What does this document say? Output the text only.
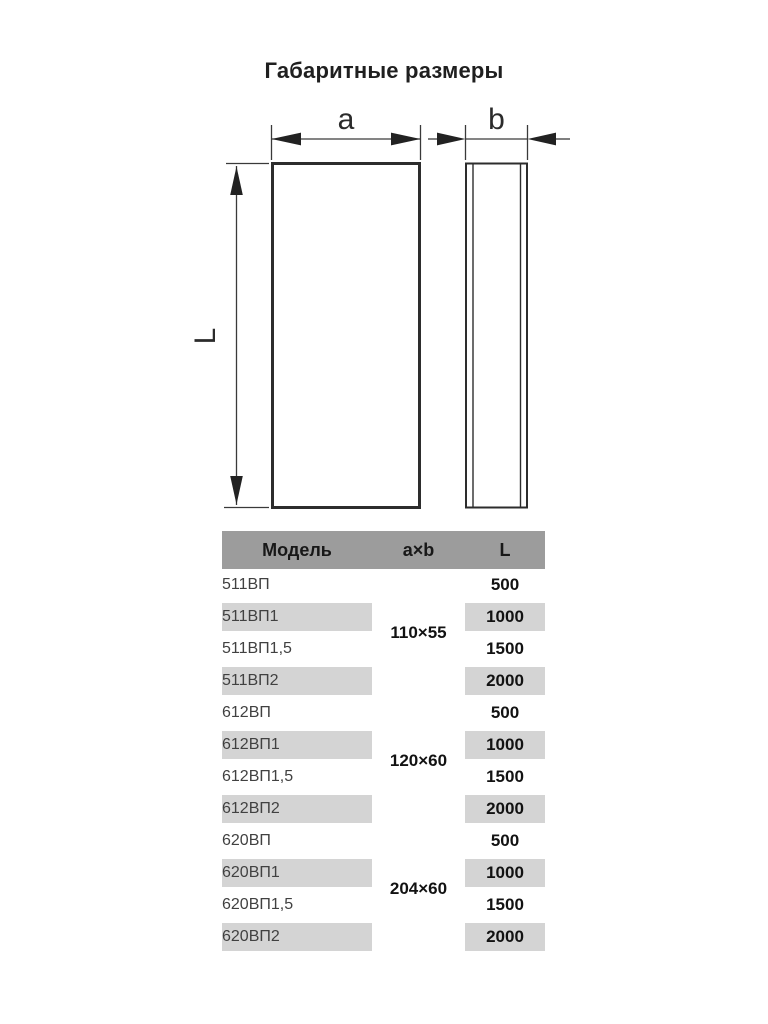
Габаритные размеры
a	b
L
Модель	a×b	L
511ВП	110×55	500
511ВП1		1000
511ВП1,5		1500
511ВП2		2000
612ВП	120×60	500
612ВП1		1000
612ВП1,5		1500
612ВП2		2000
620ВП	204×60	500
620ВП1		1000
620ВП1,5		1500
620ВП2		2000
